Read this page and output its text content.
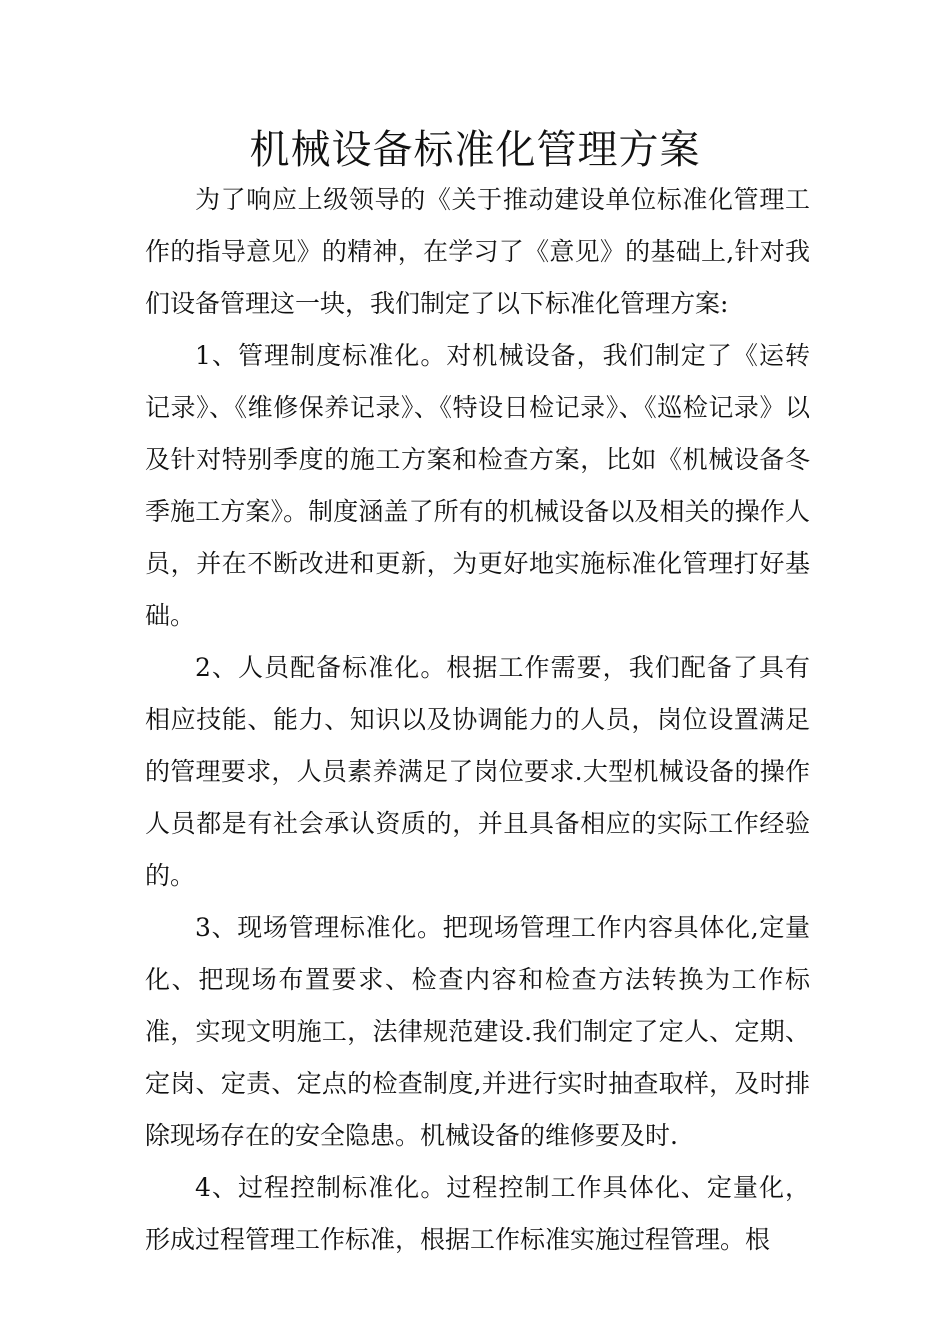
机械设备标准化管理方案

为了响应上级领导的《关于推动建设单位标准化管理工作的指导意见》的精神，在学习了《意见》的基础上,针对我们设备管理这一块，我们制定了以下标准化管理方案:

1、管理制度标准化。对机械设备，我们制定了《运转记录》、《维修保养记录》、《特设日检记录》、《巡检记录》以及针对特别季度的施工方案和检查方案，比如《机械设备冬季施工方案》。制度涵盖了所有的机械设备以及相关的操作人员，并在不断改进和更新，为更好地实施标准化管理打好基础。

2、人员配备标准化。根据工作需要，我们配备了具有相应技能、能力、知识以及协调能力的人员，岗位设置满足的管理要求，人员素养满足了岗位要求.大型机械设备的操作人员都是有社会承认资质的，并且具备相应的实际工作经验的。

3、现场管理标准化。把现场管理工作内容具体化,定量化、把现场布置要求、检查内容和检查方法转换为工作标准，实现文明施工，法律规范建设.我们制定了定人、定期、定岗、定责、定点的检查制度,并进行实时抽查取样，及时排除现场存在的安全隐患。机械设备的维修要及时.

4、过程控制标准化。过程控制工作具体化、定量化，形成过程管理工作标准，根据工作标准实施过程管理。根
